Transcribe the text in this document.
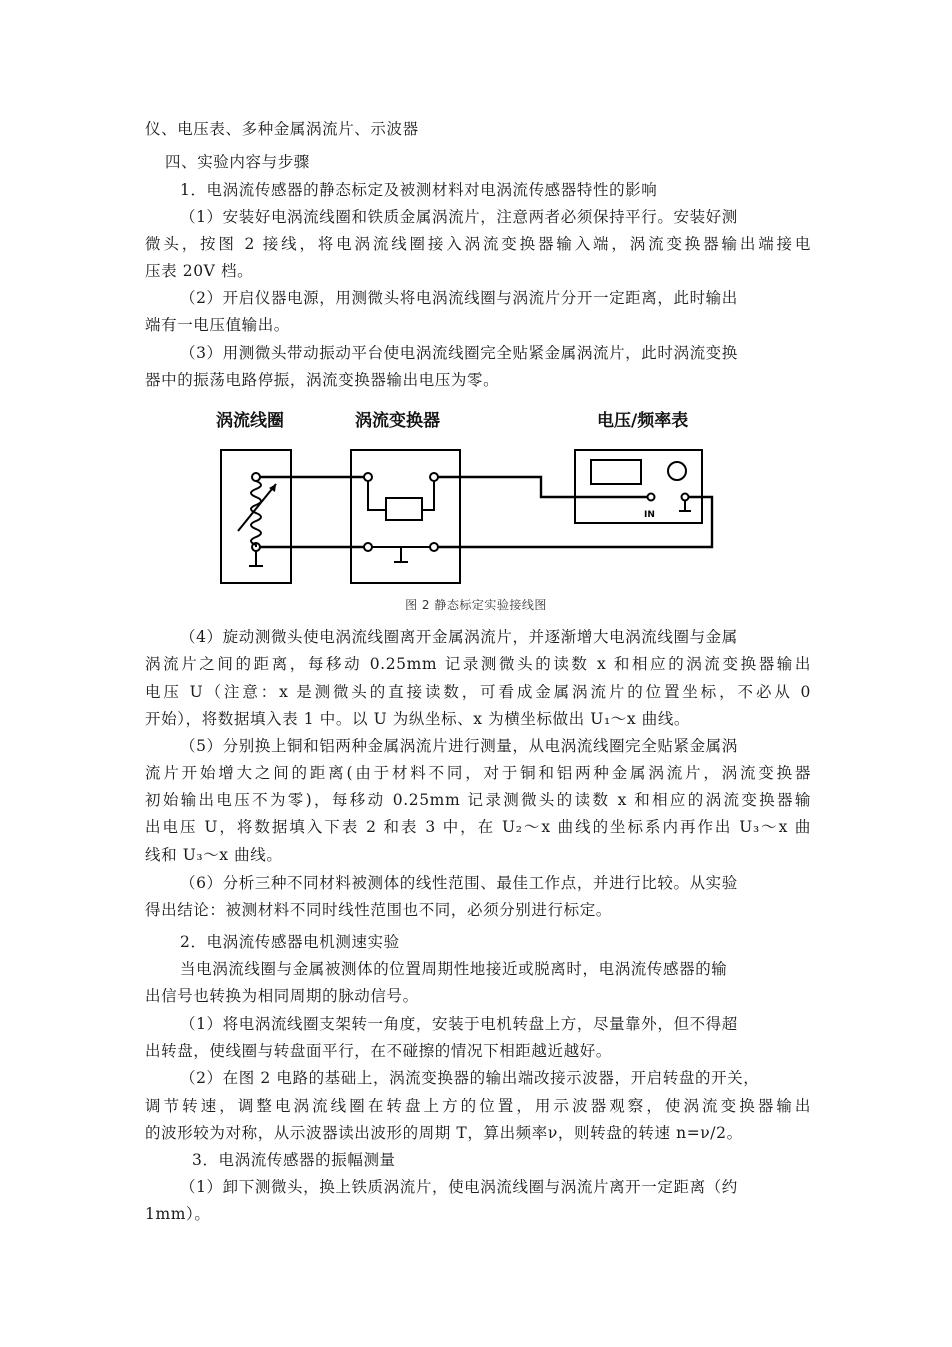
仪、电压表、多种金属涡流片、示波器
四、实验内容与步骤
1．电涡流传感器的静态标定及被测材料对电涡流传感器特性的影响
（1）安装好电涡流线圈和铁质金属涡流片，注意两者必须保持平行。安装好测
微头，按图 2 接线，将电涡流线圈接入涡流变换器输入端，涡流变换器输出端接电
压表 20V 档。
（2）开启仪器电源，用测微头将电涡流线圈与涡流片分开一定距离，此时输出
端有一电压值输出。
（3）用测微头带动振动平台使电涡流线圈完全贴紧金属涡流片，此时涡流变换
器中的振荡电路停振，涡流变换器输出电压为零。
涡流线圈	涡流变换器	电压/频率表
IN
图 2 静态标定实验接线图
（4）旋动测微头使电涡流线圈离开金属涡流片，并逐渐增大电涡流线圈与金属
涡流片之间的距离，每移动 0.25mm 记录测微头的读数 x 和相应的涡流变换器输出
电压 U（注意：x 是测微头的直接读数，可看成金属涡流片的位置坐标，不必从 0
开始），将数据填入表 1 中。以 U 为纵坐标、x 为横坐标做出 U₁～x 曲线。
（5）分别换上铜和铝两种金属涡流片进行测量，从电涡流线圈完全贴紧金属涡
流片开始增大之间的距离(由于材料不同，对于铜和铝两种金属涡流片，涡流变换器
初始输出电压不为零)，每移动 0.25mm 记录测微头的读数 x 和相应的涡流变换器输
出电压 U，将数据填入下表 2 和表 3 中，在 U₂～x 曲线的坐标系内再作出 U₃～x 曲
线和 U₃～x 曲线。
（6）分析三种不同材料被测体的线性范围、最佳工作点，并进行比较。从实验
得出结论：被测材料不同时线性范围也不同，必须分别进行标定。
2．电涡流传感器电机测速实验
当电涡流线圈与金属被测体的位置周期性地接近或脱离时，电涡流传感器的输
出信号也转换为相同周期的脉动信号。
（1）将电涡流线圈支架转一角度，安装于电机转盘上方，尽量靠外，但不得超
出转盘，使线圈与转盘面平行，在不碰擦的情况下相距越近越好。
（2）在图 2 电路的基础上，涡流变换器的输出端改接示波器，开启转盘的开关，
调节转速，调整电涡流线圈在转盘上方的位置，用示波器观察，使涡流变换器输出
的波形较为对称，从示波器读出波形的周期 T，算出频率ν，则转盘的转速 n=ν/2。
3．电涡流传感器的振幅测量
（1）卸下测微头，换上铁质涡流片，使电涡流线圈与涡流片离开一定距离（约
1mm）。
